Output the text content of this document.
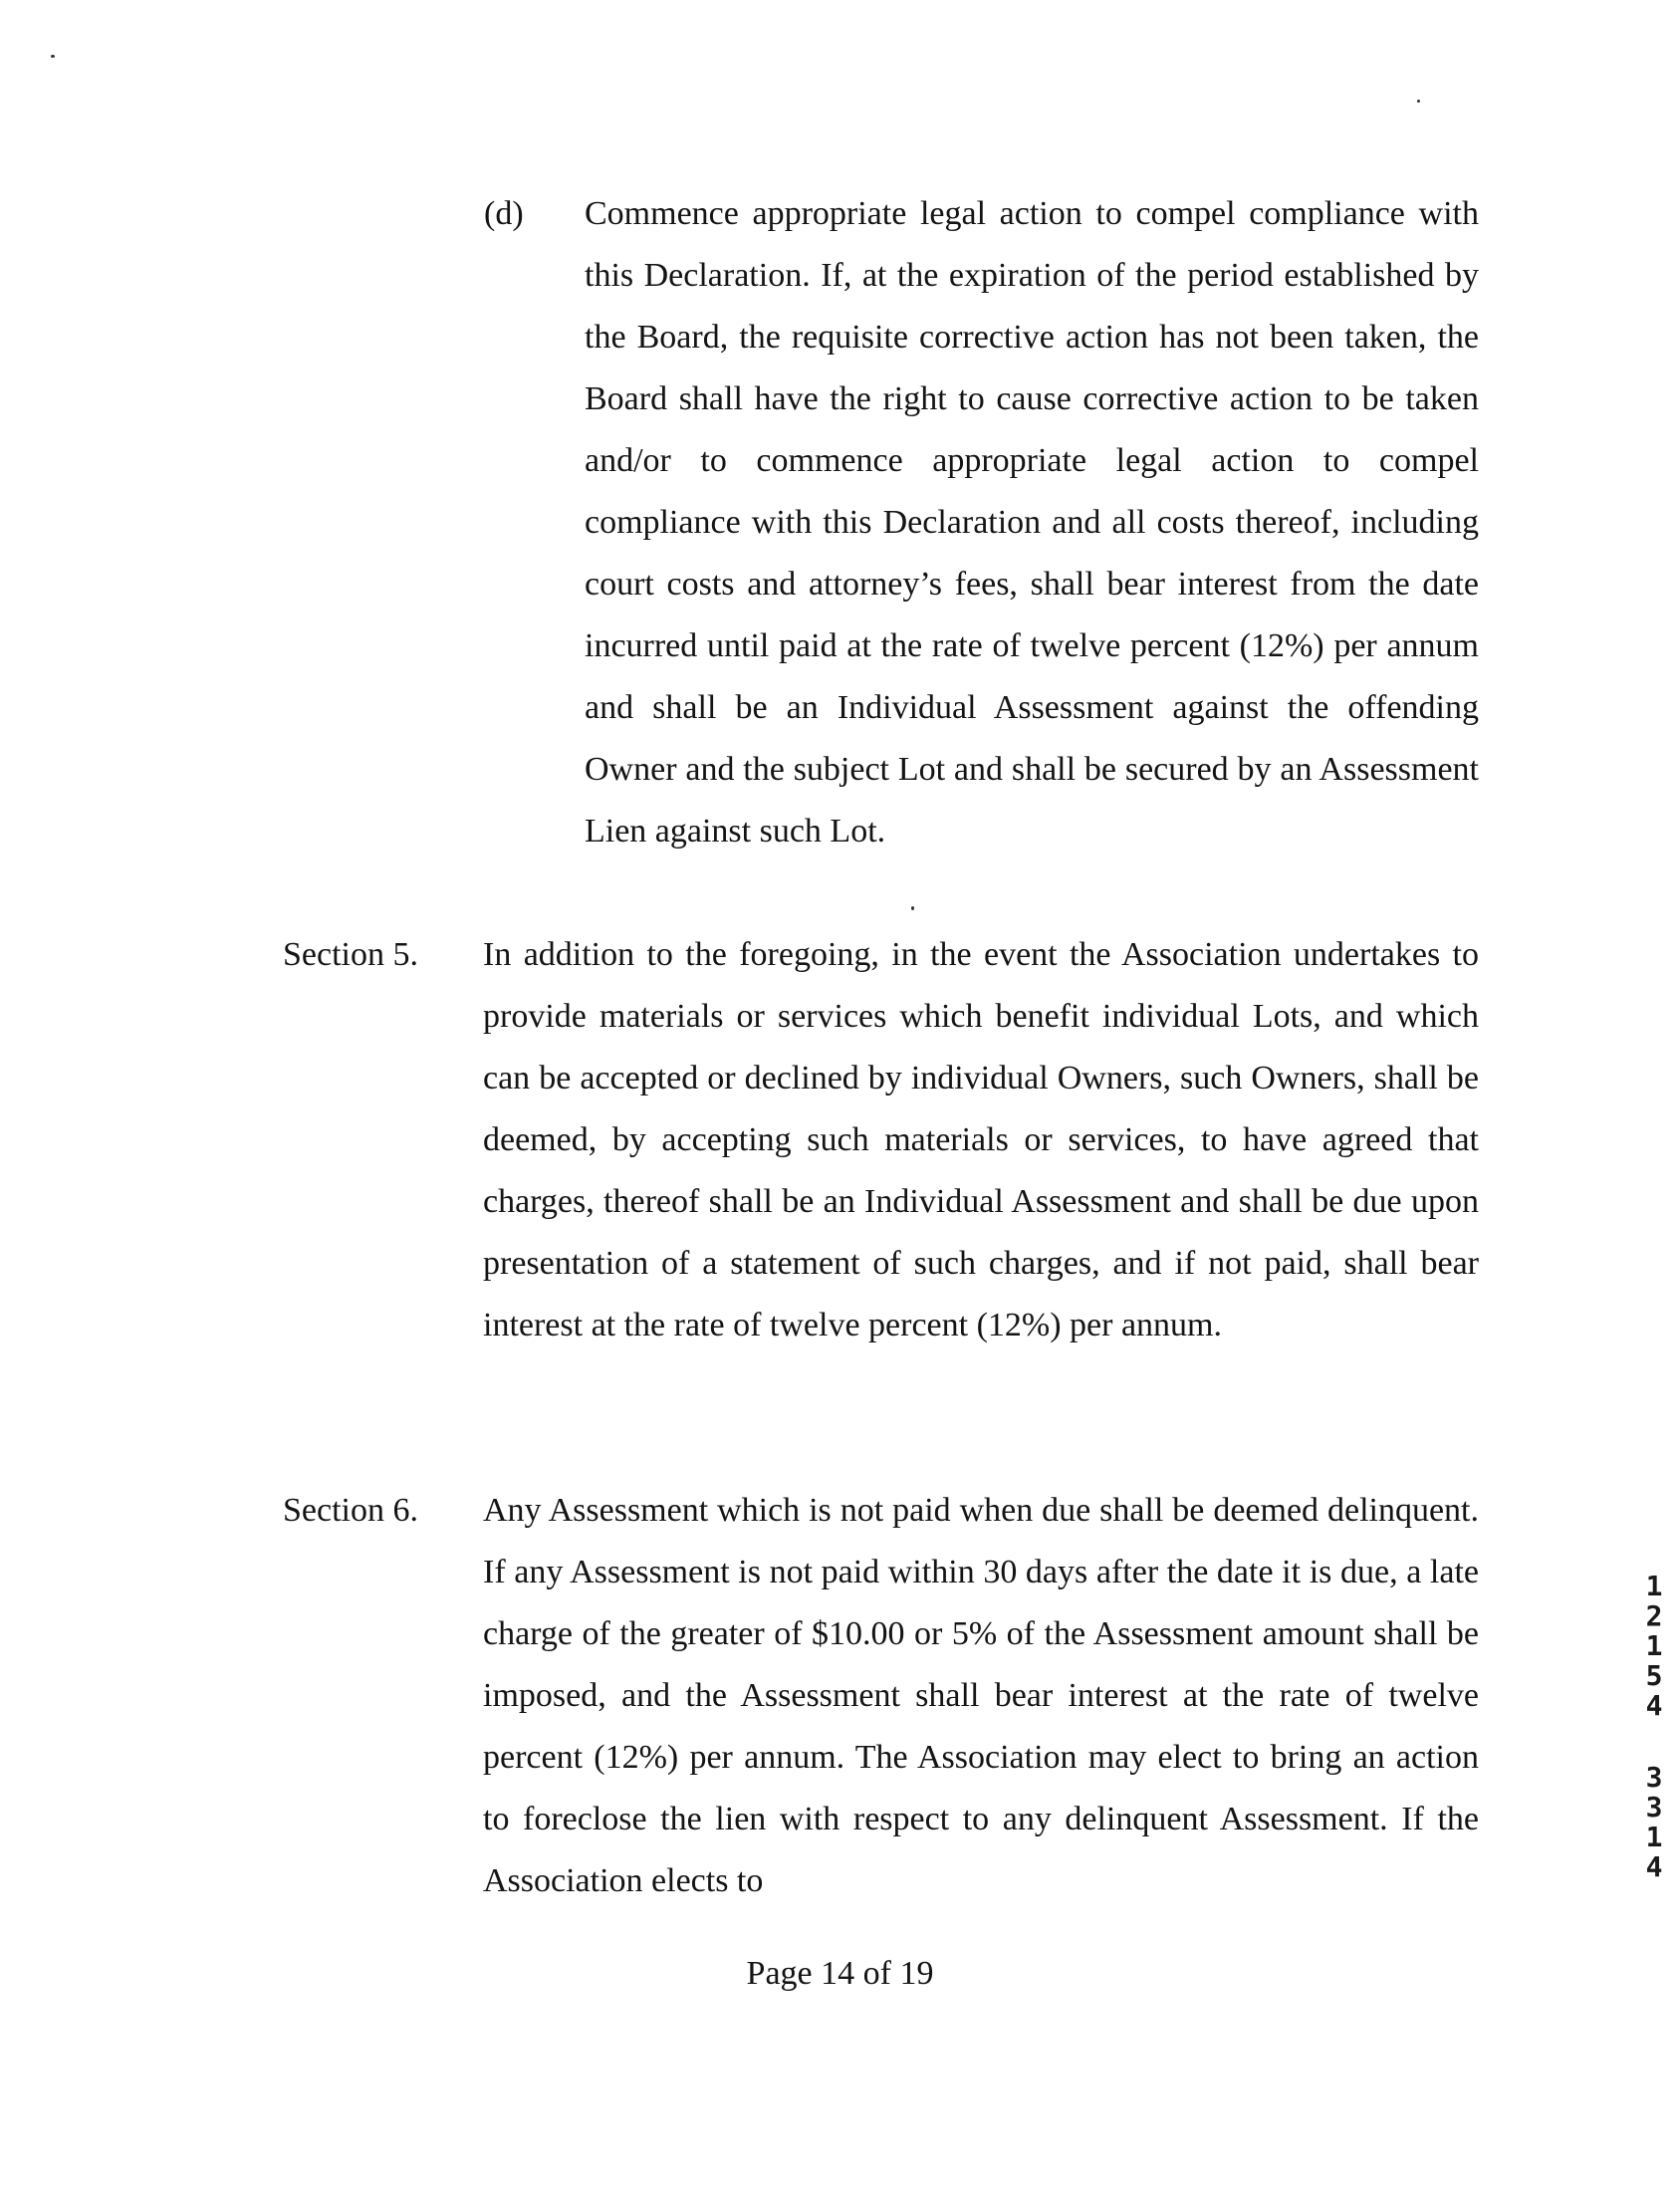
(d) Commence appropriate legal action to compel compliance with this Declaration. If, at the expiration of the period established by the Board, the requisite corrective action has not been taken, the Board shall have the right to cause corrective action to be taken and/or to commence appropriate legal action to compel compliance with this Declaration and all costs thereof, including court costs and attorney’s fees, shall bear interest from the date incurred until paid at the rate of twelve percent (12%) per annum and shall be an Individual Assessment against the offending Owner and the subject Lot and shall be secured by an Assessment Lien against such Lot.
Section 5. In addition to the foregoing, in the event the Association undertakes to provide materials or services which benefit individual Lots, and which can be accepted or declined by individual Owners, such Owners, shall be deemed, by accepting such materials or services, to have agreed that charges, thereof shall be an Individual Assessment and shall be due upon presentation of a statement of such charges, and if not paid, shall bear interest at the rate of twelve percent (12%) per annum.
Section 6. Any Assessment which is not paid when due shall be deemed delinquent. If any Assessment is not paid within 30 days after the date it is due, a late charge of the greater of $10.00 or 5% of the Assessment amount shall be imposed, and the Assessment shall bear interest at the rate of twelve percent (12%) per annum. The Association may elect to bring an action to foreclose the lien with respect to any delinquent Assessment. If the Association elects to
Page 14 of 19
1
2
1
5
4
3
3
1
4
